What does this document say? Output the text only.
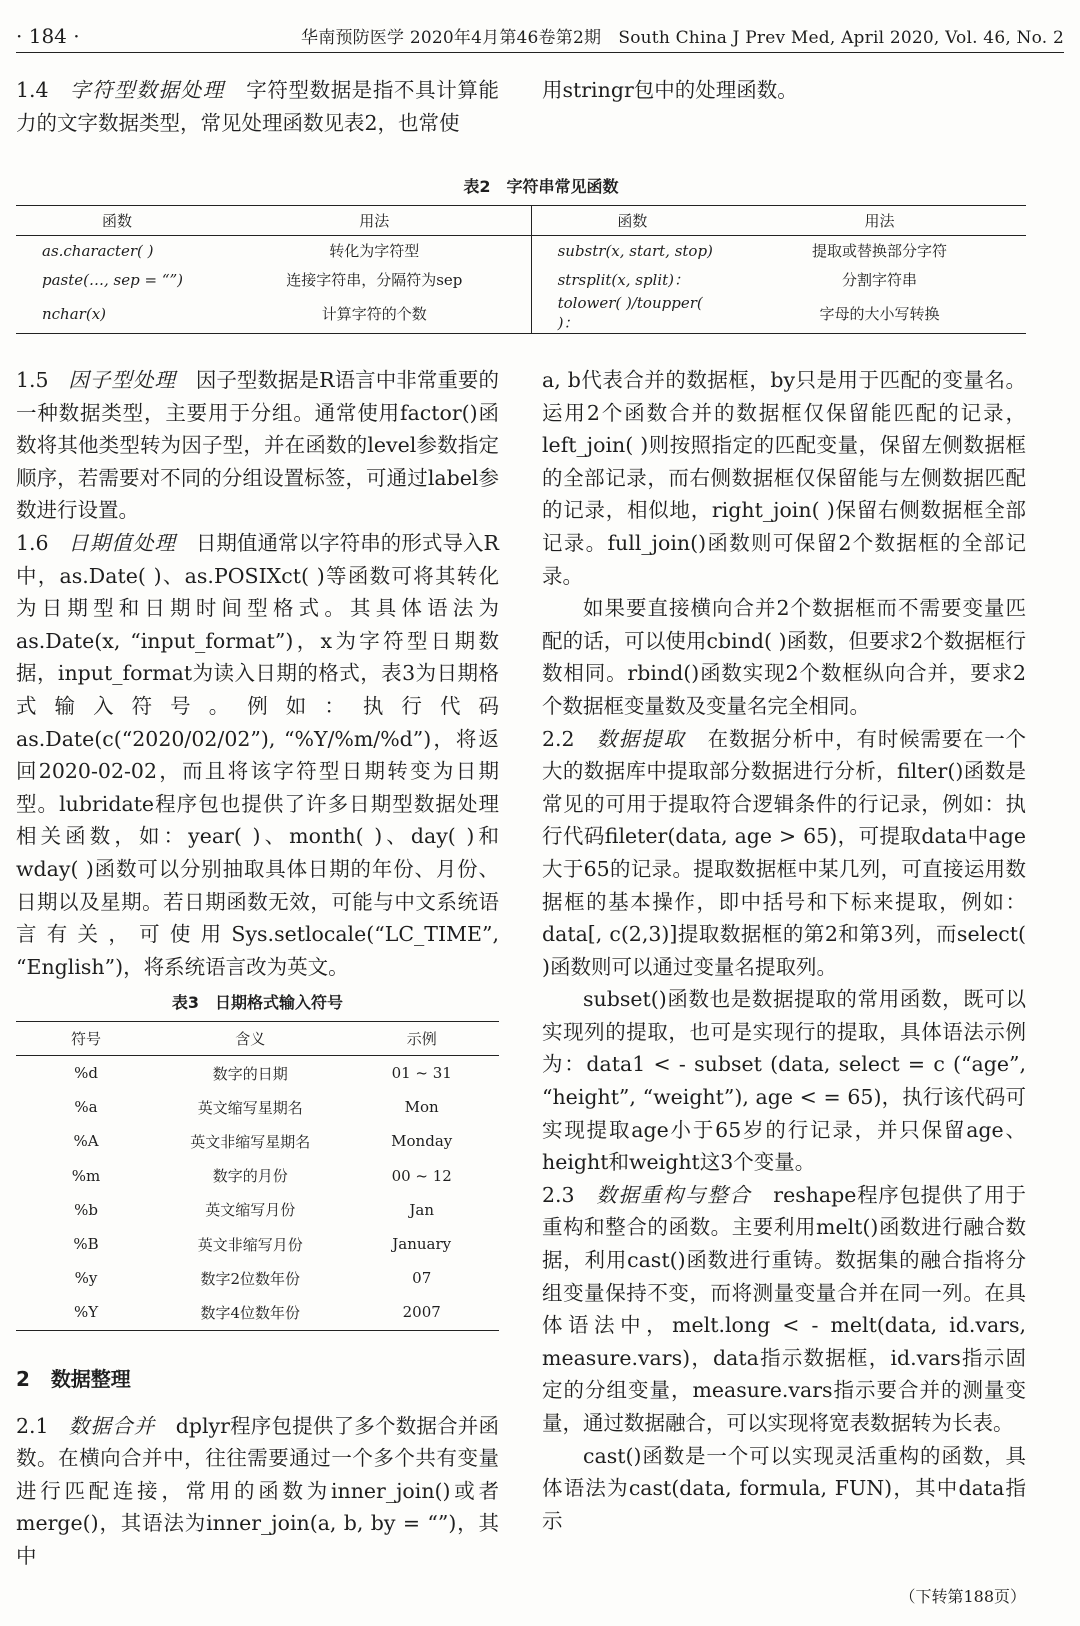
· 184 ·	华南预防医学 2020年4月第46卷第2期　South China J Prev Med, April 2020, Vol. 46, No. 2

1.4 字符型数据处理 字符型数据是指不具计算能力的文字数据类型，常见处理函数见表2，也常使

用stringr包中的处理函数。

表2　字符串常见函数
函数	用法	函数	用法
as.character( )	转化为字符型	substr(x, start, stop)	提取或替换部分字符
paste(…, sep = “”)	连接字符串，分隔符为sep	strsplit(x, split)：	分割字符串
nchar(x)	计算字符的个数	tolower( )/toupper( )：	字母的大小写转换

1.5 因子型处理 因子型数据是R语言中非常重要的一种数据类型，主要用于分组。通常使用factor()函数将其他类型转为因子型，并在函数的level参数指定顺序，若需要对不同的分组设置标签，可通过label参数进行设置。

1.6 日期值处理 日期值通常以字符串的形式导入R中，as.Date( )、as.POSIXct( )等函数可将其转化为日期型和日期时间型格式。其具体语法为as.Date(x, “input_format”)，x为字符型日期数据，input_format为读入日期的格式，表3为日期格式输入符号。例如：执行代码as.Date(c(“2020/02/02”), “%Y/%m/%d”)，将返回2020-02-02，而且将该字符型日期转变为日期型。lubridate程序包也提供了许多日期型数据处理相关函数，如：year( )、month( )、day( )和wday( )函数可以分别抽取具体日期的年份、月份、日期以及星期。若日期函数无效，可能与中文系统语言有关，可使用Sys.setlocale(“LC_TIME”, “English”)，将系统语言改为英文。

表3　日期格式输入符号
符号	含义	示例
%d	数字的日期	01 ~ 31
%a	英文缩写星期名	Mon
%A	英文非缩写星期名	Monday
%m	数字的月份	00 ~ 12
%b	英文缩写月份	Jan
%B	英文非缩写月份	January
%y	数字2位数年份	07
%Y	数字4位数年份	2007

2 数据整理

2.1 数据合并 dplyr程序包提供了多个数据合并函数。在横向合并中，往往需要通过一个多个共有变量进行匹配连接，常用的函数为inner_join()或者merge()，其语法为inner_join(a, b, by = “”)，其中

a, b代表合并的数据框，by只是用于匹配的变量名。运用2个函数合并的数据框仅保留能匹配的记录，left_join( )则按照指定的匹配变量，保留左侧数据框的全部记录，而右侧数据框仅保留能与左侧数据匹配的记录，相似地，right_join( )保留右侧数据框全部记录。full_join()函数则可保留2个数据框的全部记录。

如果要直接横向合并2个数据框而不需要变量匹配的话，可以使用cbind( )函数，但要求2个数据框行数相同。rbind()函数实现2个数框纵向合并，要求2个数据框变量数及变量名完全相同。

2.2 数据提取 在数据分析中，有时候需要在一个大的数据库中提取部分数据进行分析，filter()函数是常见的可用于提取符合逻辑条件的行记录，例如：执行代码fileter(data, age > 65)，可提取data中age大于65的记录。提取数据框中某几列，可直接运用数据框的基本操作，即中括号和下标来提取，例如：data[, c(2,3)]提取数据框的第2和第3列，而select( )函数则可以通过变量名提取列。

subset()函数也是数据提取的常用函数，既可以实现列的提取，也可是实现行的提取，具体语法示例为：data1 < - subset (data, select = c (“age”, “height”, “weight”), age < = 65)，执行该代码可实现提取age小于65岁的行记录，并只保留age、height和weight这3个变量。

2.3 数据重构与整合 reshape程序包提供了用于重构和整合的函数。主要利用melt()函数进行融合数据，利用cast()函数进行重铸。数据集的融合指将分组变量保持不变，而将测量变量合并在同一列。在具体语法中，melt.long < - melt(data, id.vars, measure.vars)，data指示数据框，id.vars指示固定的分组变量，measure.vars指示要合并的测量变量，通过数据融合，可以实现将宽表数据转为长表。

cast()函数是一个可以实现灵活重构的函数，具体语法为cast(data, formula, FUN)，其中data指示

（下转第188页）
